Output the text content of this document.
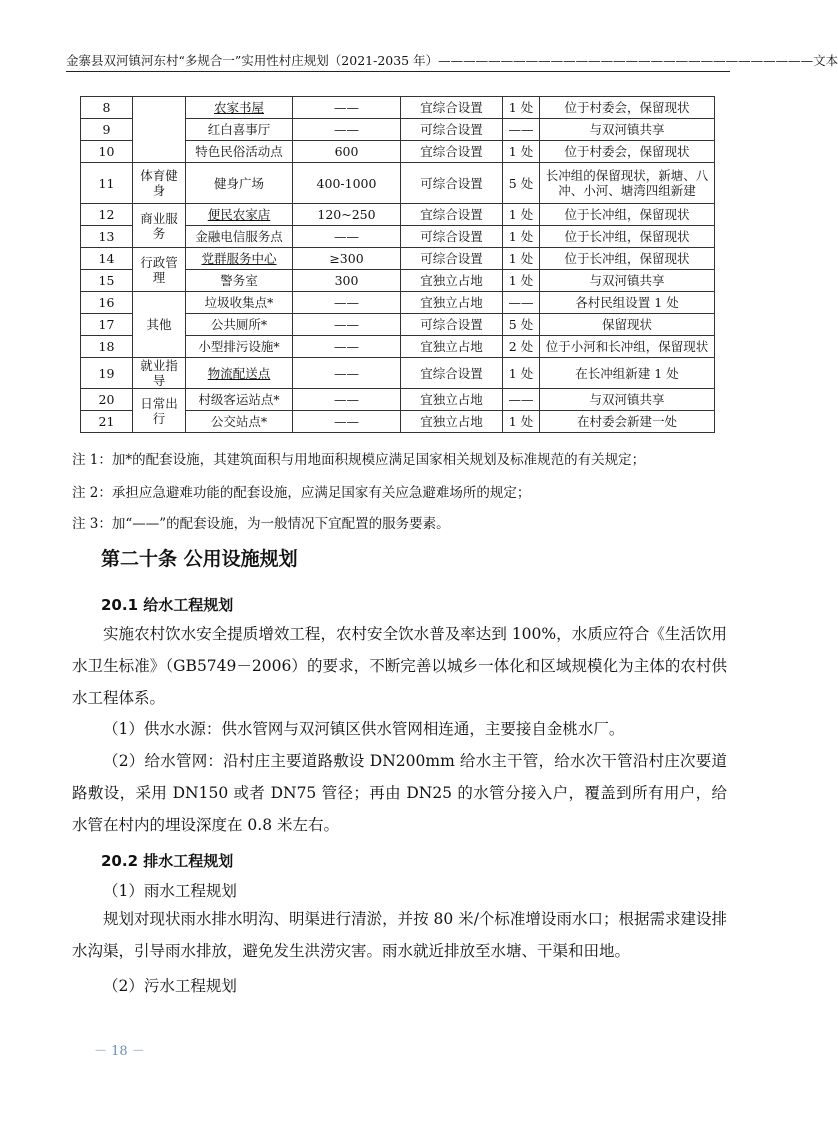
金寨县双河镇河东村“多规合一”实用性村庄规划（2021-2035 年）——————————————————————————————文本
8		农家书屋	——	宜综合设置	1 处	位于村委会，保留现状
9		红白喜事厅	——	可综合设置	——	与双河镇共享
10		特色民俗活动点	600	宜综合设置	1 处	位于村委会，保留现状
11	体育健身	健身广场	400-1000	可综合设置	5 处	长冲组的保留现状，新塘、八冲、小河、塘湾四组新建
12	商业服务	便民农家店	120~250	宜综合设置	1 处	位于长冲组，保留现状
13		金融电信服务点	——	可综合设置	1 处	位于长冲组，保留现状
14	行政管理	党群服务中心	≥300	可综合设置	1 处	位于长冲组，保留现状
15		警务室	300	宜独立占地	1 处	与双河镇共享
16	其他	垃圾收集点*	——	宜独立占地	——	各村民组设置 1 处
17		公共厕所*	——	可综合设置	5 处	保留现状
18		小型排污设施*	——	宜独立占地	2 处	位于小河和长冲组，保留现状
19	就业指导	物流配送点	——	宜综合设置	1 处	在长冲组新建 1 处
20	日常出行	村级客运站点*	——	宜独立占地	——	与双河镇共享
21		公交站点*	——	宜独立占地	1 处	在村委会新建一处
注 1：加*的配套设施，其建筑面积与用地面积规模应满足国家相关规划及标准规范的有关规定；
注 2：承担应急避难功能的配套设施，应满足国家有关应急避难场所的规定；
注 3：加“——”的配套设施，为一般情况下宜配置的服务要素。
第二十条 公用设施规划
20.1 给水工程规划
实施农村饮水安全提质增效工程，农村安全饮水普及率达到 100%，水质应符合《生活饮用水卫生标准》（GB5749－2006）的要求，不断完善以城乡一体化和区域规模化为主体的农村供水工程体系。
（1）供水水源：供水管网与双河镇区供水管网相连通，主要接自金桃水厂。
（2）给水管网：沿村庄主要道路敷设 DN200mm 给水主干管，给水次干管沿村庄次要道路敷设，采用 DN150 或者 DN75 管径；再由 DN25 的水管分接入户，覆盖到所有用户，给水管在村内的埋设深度在 0.8 米左右。
20.2 排水工程规划
（1）雨水工程规划
规划对现状雨水排水明沟、明渠进行清淤，并按 80 米/个标准增设雨水口；根据需求建设排水沟渠，引导雨水排放，避免发生洪涝灾害。雨水就近排放至水塘、干渠和田地。
（2）污水工程规划
－ 18 －
